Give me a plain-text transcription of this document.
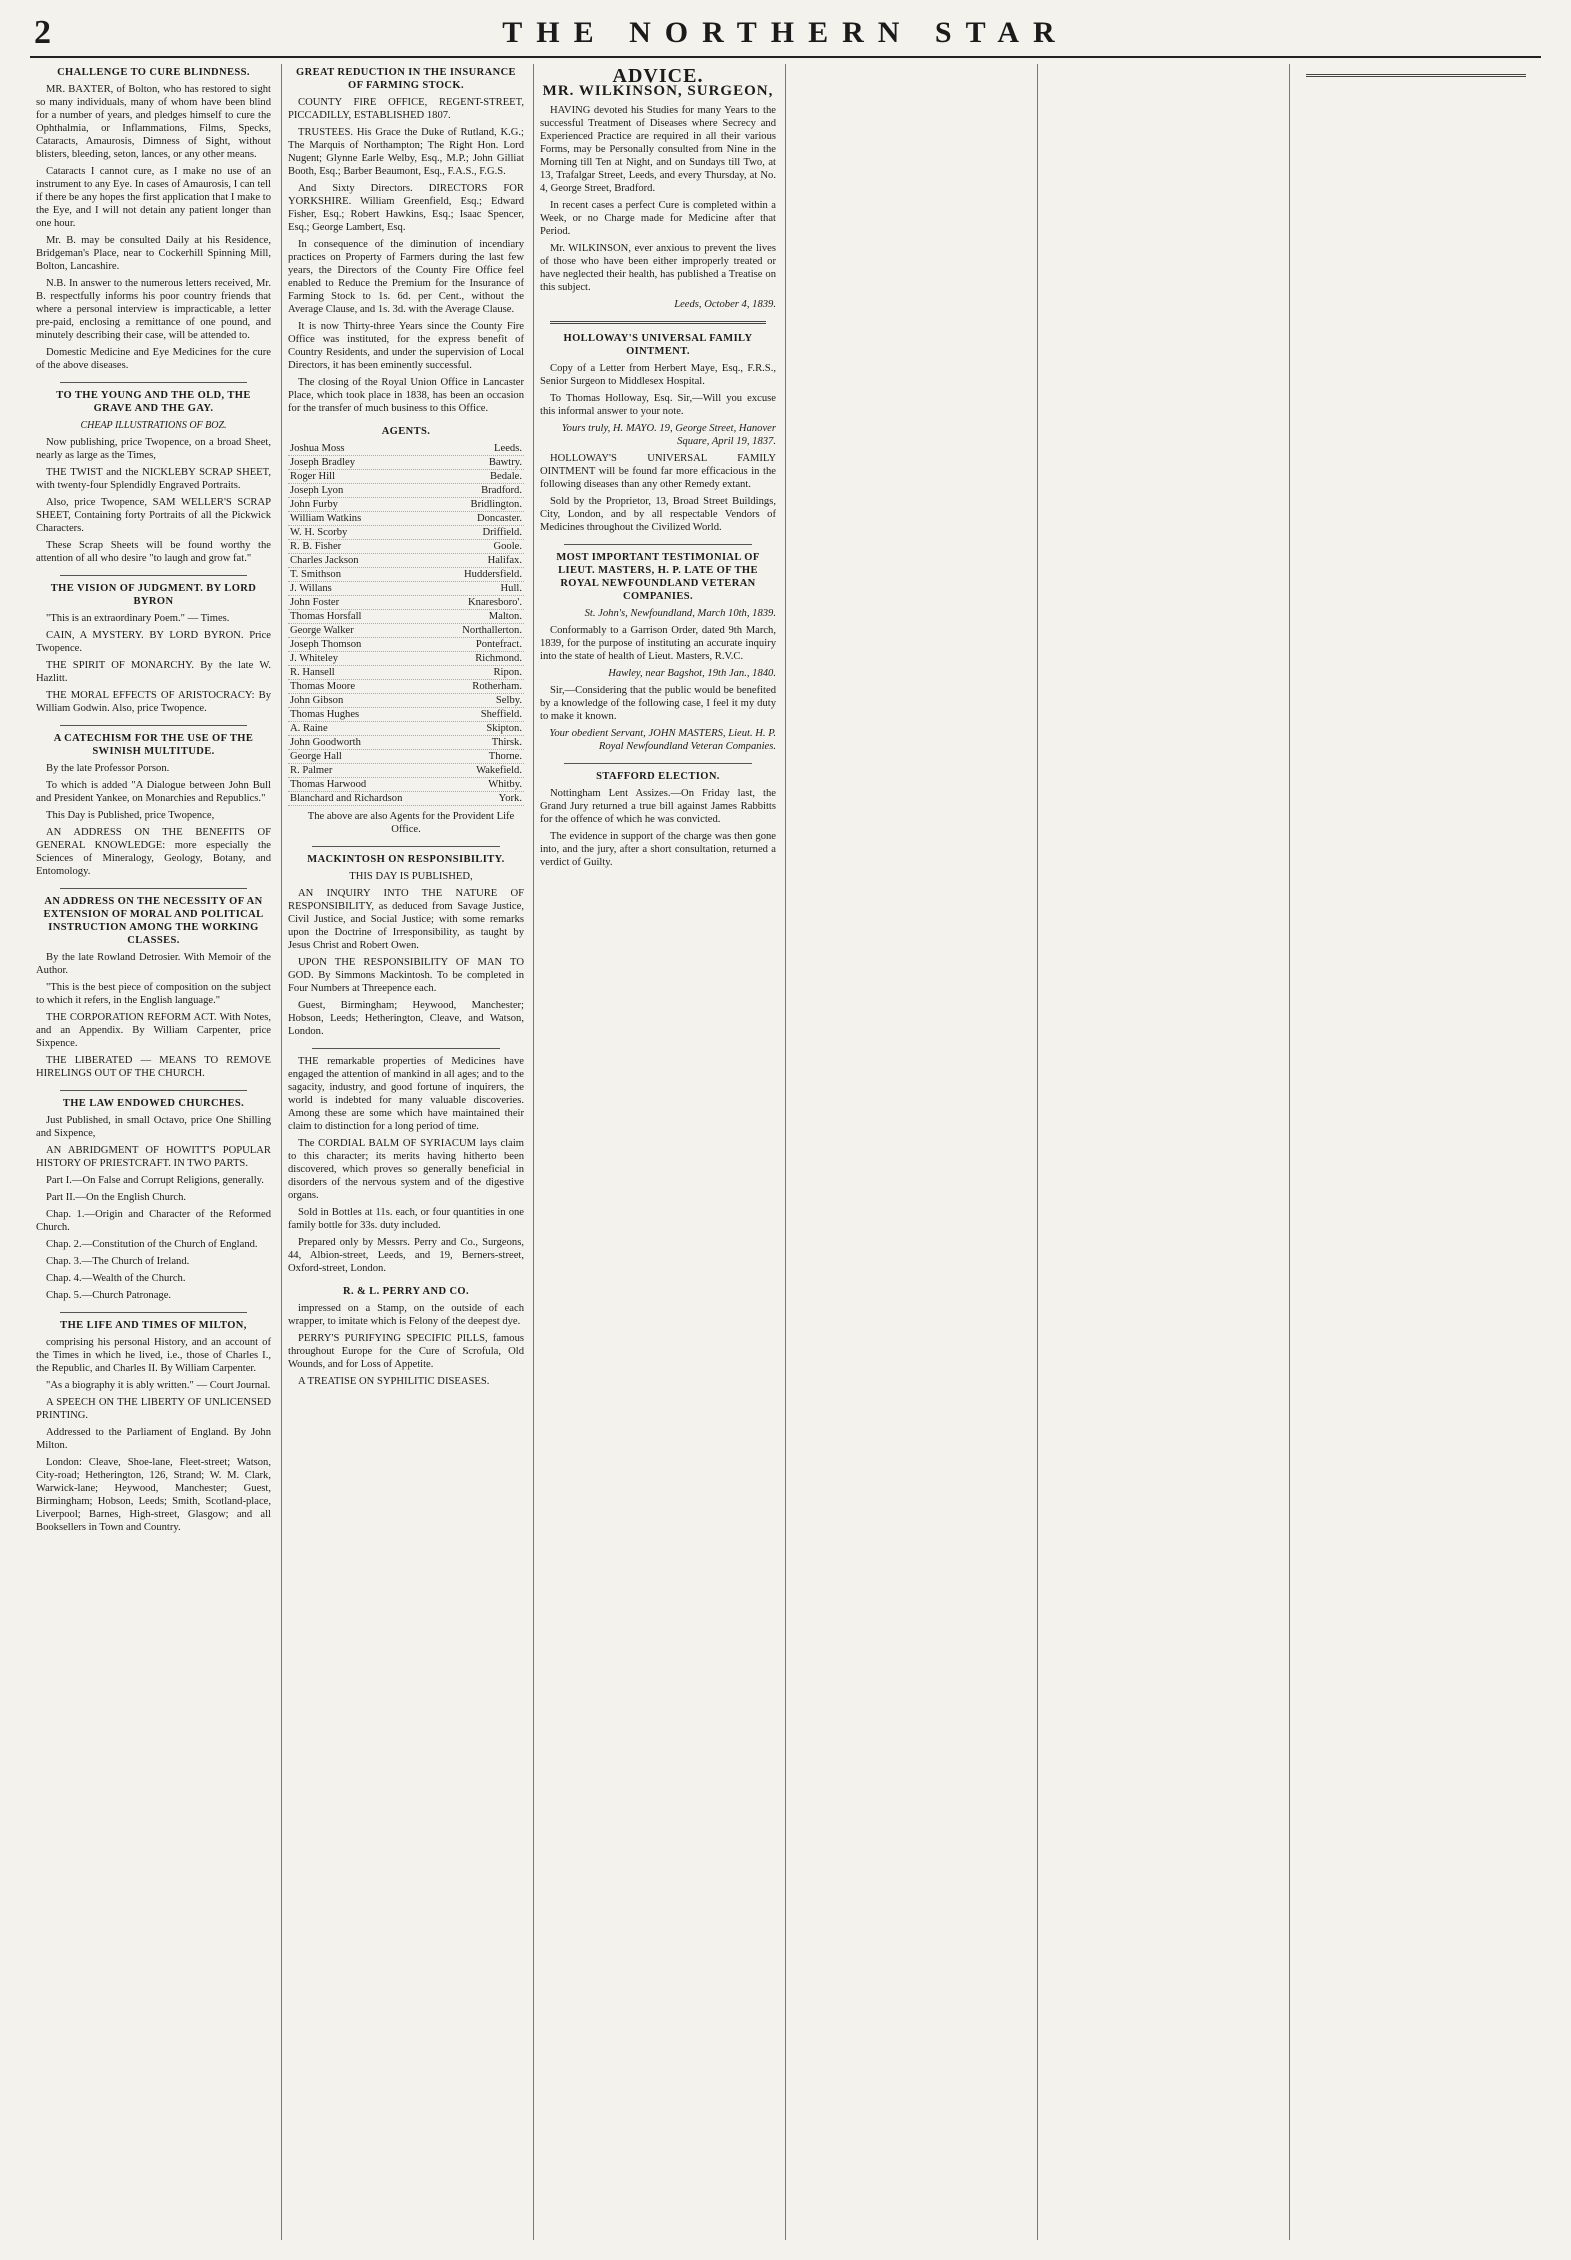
2	THE NORTHERN STAR
CHALLENGE TO CURE BLINDNESS.

MR. BAXTER, of Bolton, who has restored to sight so many individuals, many of whom have been blind for a number of years, and pledges himself to cure the Ophthalmia, or Inflammations, Films, Specks, Cataracts, Amaurosis, Dimness of Sight, without blisters, bleeding, seton, lances, or any other means.

Cataracts I cannot cure, as I make no use of an instrument to any Eye. In cases of Amaurosis, I can tell if there be any hopes the first application that I make to the Eye, and I will not detain any patient longer than one hour.

Mr. B. may be consulted Daily at his Residence, Bridgeman's Place, near to Cockerhill Spinning Mill, Bolton, Lancashire.

N.B. In answer to the numerous letters received, Mr. B. respectfully informs his poor country friends that where a personal interview is impracticable, a letter pre-paid, enclosing a remittance of one pound, and minutely describing their case, will be attended to.

Domestic Medicine and Eye Medicines for the cure of the above diseases.

TO THE YOUNG AND THE OLD, THE GRAVE AND THE GAY.
CHEAP ILLUSTRATIONS OF BOZ.

Now publishing, price Twopence, on a broad Sheet, nearly as large as the Times,

THE TWIST and the NICKLEBY SCRAP SHEET, with twenty-four Splendidly Engraved Portraits.

Also, price Twopence, SAM WELLER'S SCRAP SHEET, Containing forty Portraits of all the Pickwick Characters.

These Scrap Sheets will be found worthy the attention of all who desire "to laugh and grow fat."

THE VISION OF JUDGMENT. BY LORD BYRON

"This is an extraordinary Poem." — Times.

CAIN, A MYSTERY. BY LORD BYRON. Price Twopence.

THE SPIRIT OF MONARCHY. By the late W. Hazlitt.

THE MORAL EFFECTS OF ARISTOCRACY: By William Godwin. Also, price Twopence.

A CATECHISM FOR THE USE OF THE SWINISH MULTITUDE.

By the late Professor Porson.

To which is added "A Dialogue between John Bull and President Yankee, on Monarchies and Republics."

This Day is Published, price Twopence,

AN ADDRESS ON THE BENEFITS OF GENERAL KNOWLEDGE: more especially the Sciences of Mineralogy, Geology, Botany, and Entomology.

AN ADDRESS ON THE NECESSITY OF AN EXTENSION OF MORAL AND POLITICAL INSTRUCTION AMONG THE WORKING CLASSES.

By the late Rowland Detrosier. With Memoir of the Author.

"This is the best piece of composition on the subject to which it refers, in the English language."

THE CORPORATION REFORM ACT. With Notes, and an Appendix. By William Carpenter, price Sixpence.

THE LIBERATED — MEANS TO REMOVE HIRELINGS OUT OF THE CHURCH.

THE LAW ENDOWED CHURCHES.

Just Published, in small Octavo, price One Shilling and Sixpence,

AN ABRIDGMENT OF HOWITT'S POPULAR HISTORY OF PRIESTCRAFT. IN TWO PARTS.

Part I.—On False and Corrupt Religions, generally.

Part II.—On the English Church.

Chap. 1.—Origin and Character of the Reformed Church.

Chap. 2.—Constitution of the Church of England.

Chap. 3.—The Church of Ireland.

Chap. 4.—Wealth of the Church.

Chap. 5.—Church Patronage.

THE LIFE AND TIMES OF MILTON,

comprising his personal History, and an account of the Times in which he lived, i.e., those of Charles I., the Republic, and Charles II. By William Carpenter.

"As a biography it is ably written." — Court Journal.

A SPEECH ON THE LIBERTY OF UNLICENSED PRINTING.

Addressed to the Parliament of England. By John Milton.

London: Cleave, Shoe-lane, Fleet-street; Watson, City-road; Hetherington, 126, Strand; W. M. Clark, Warwick-lane; Heywood, Manchester; Guest, Birmingham; Hobson, Leeds; Smith, Scotland-place, Liverpool; Barnes, High-street, Glasgow; and all Booksellers in Town and Country.

GREAT REDUCTION IN THE INSURANCE OF FARMING STOCK.

COUNTY FIRE OFFICE, REGENT-STREET, PICCADILLY, ESTABLISHED 1807.

TRUSTEES. His Grace the Duke of Rutland, K.G.; The Marquis of Northampton; The Right Hon. Lord Nugent; Glynne Earle Welby, Esq., M.P.; John Gilliat Booth, Esq.; Barber Beaumont, Esq., F.A.S., F.G.S.

And Sixty Directors. DIRECTORS FOR YORKSHIRE. William Greenfield, Esq.; Edward Fisher, Esq.; Robert Hawkins, Esq.; Isaac Spencer, Esq.; George Lambert, Esq.

In consequence of the diminution of incendiary practices on Property of Farmers during the last few years, the Directors of the County Fire Office feel enabled to Reduce the Premium for the Insurance of Farming Stock to 1s. 6d. per Cent., without the Average Clause, and 1s. 3d. with the Average Clause.

It is now Thirty-three Years since the County Fire Office was instituted, for the express benefit of Country Residents, and under the supervision of Local Directors, it has been eminently successful.

The closing of the Royal Union Office in Lancaster Place, which took place in 1838, has been an occasion for the transfer of much business to this Office.

AGENTS.
Joshua Moss	Leeds.
Joseph Bradley	Bawtry.
Roger Hill	Bedale.
Joseph Lyon	Bradford.
John Furby	Bridlington.
William Watkins	Doncaster.
W. H. Scorby	Driffield.
R. B. Fisher	Goole.
Charles Jackson	Halifax.
T. Smithson	Huddersfield.
J. Willans	Hull.
John Foster	Knaresboro'.
Thomas Horsfall	Malton.
George Walker	Northallerton.
Joseph Thomson	Pontefract.
J. Whiteley	Richmond.
R. Hansell	Ripon.
Thomas Moore	Rotherham.
John Gibson	Selby.
Thomas Hughes	Sheffield.
A. Raine	Skipton.
John Goodworth	Thirsk.
George Hall	Thorne.
R. Palmer	Wakefield.
Thomas Harwood	Whitby.
Blanchard and Richardson	York.

The above are also Agents for the Provident Life Office.

MACKINTOSH ON RESPONSIBILITY.

THIS DAY IS PUBLISHED,

AN INQUIRY INTO THE NATURE OF RESPONSIBILITY, as deduced from Savage Justice, Civil Justice, and Social Justice; with some remarks upon the Doctrine of Irresponsibility, as taught by Jesus Christ and Robert Owen.

UPON THE RESPONSIBILITY OF MAN TO GOD. By Simmons Mackintosh. To be completed in Four Numbers at Threepence each.

Guest, Birmingham; Heywood, Manchester; Hobson, Leeds; Hetherington, Cleave, and Watson, London.

THE remarkable properties of Medicines have engaged the attention of mankind in all ages; and to the sagacity, industry, and good fortune of inquirers, the world is indebted for many valuable discoveries. Among these are some which have maintained their claim to distinction for a long period of time.

The CORDIAL BALM OF SYRIACUM lays claim to this character; its merits having hitherto been discovered, which proves so generally beneficial in disorders of the nervous system and of the digestive organs.

Sold in Bottles at 11s. each, or four quantities in one family bottle for 33s. duty included.

Prepared only by Messrs. Perry and Co., Surgeons, 44, Albion-street, Leeds, and 19, Berners-street, Oxford-street, London.

R. & L. PERRY AND CO.

impressed on a Stamp, on the outside of each wrapper, to imitate which is Felony of the deepest dye.

PERRY'S PURIFYING SPECIFIC PILLS, famous throughout Europe for the Cure of Scrofula, Old Wounds, and for Loss of Appetite.

A TREATISE ON SYPHILITIC DISEASES.

ADVICE.
MR. WILKINSON, SURGEON,

HAVING devoted his Studies for many Years to the successful Treatment of Diseases where Secrecy and Experienced Practice are required in all their various Forms, may be Personally consulted from Nine in the Morning till Ten at Night, and on Sundays till Two, at 13, Trafalgar Street, Leeds, and every Thursday, at No. 4, George Street, Bradford.

In recent cases a perfect Cure is completed within a Week, or no Charge made for Medicine after that Period.

Mr. WILKINSON, ever anxious to prevent the lives of those who have been either improperly treated or have neglected their health, has published a Treatise on this subject.

Leeds, October 4, 1839.

HOLLOWAY'S UNIVERSAL FAMILY OINTMENT.

Copy of a Letter from Herbert Maye, Esq., F.R.S., Senior Surgeon to Middlesex Hospital.

To Thomas Holloway, Esq. Sir,—Will you excuse this informal answer to your note.

Yours truly, H. MAYO. 19, George Street, Hanover Square, April 19, 1837.

HOLLOWAY'S UNIVERSAL FAMILY OINTMENT will be found far more efficacious in the following diseases than any other Remedy extant.

Sold by the Proprietor, 13, Broad Street Buildings, City, London, and by all respectable Vendors of Medicines throughout the Civilized World.

MOST IMPORTANT TESTIMONIAL OF LIEUT. MASTERS, H. P. LATE OF THE ROYAL NEWFOUNDLAND VETERAN COMPANIES.

St. John's, Newfoundland, March 10th, 1839.

Conformably to a Garrison Order, dated 9th March, 1839, for the purpose of instituting an accurate inquiry into the state of health of Lieut. Masters, R.V.C.

Hawley, near Bagshot, 19th Jan., 1840.

Sir,—Considering that the public would be benefited by a knowledge of the following case, I feel it my duty to make it known.

Your obedient Servant, JOHN MASTERS, Lieut. H. P. Royal Newfoundland Veteran Companies.

STAFFORD ELECTION.

Nottingham Lent Assizes.—On Friday last, the Grand Jury returned a true bill against James Rabbitts for the offence of which he was convicted.

The evidence in support of the charge was then gone into, and the jury, after a short consultation, returned a verdict of Guilty.
